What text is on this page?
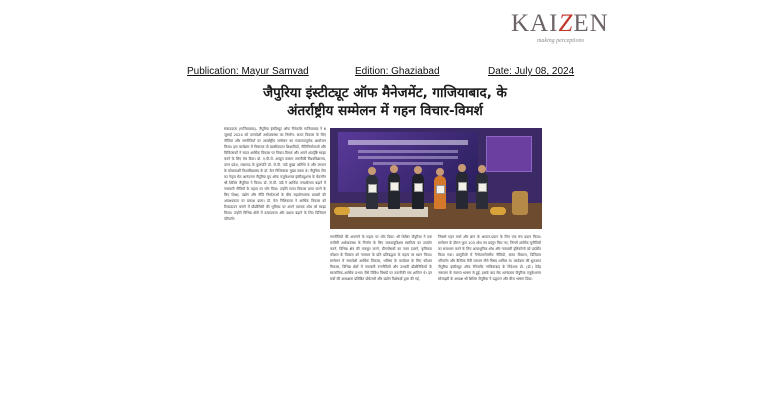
KAIZEN
making perceptions
Publication: Mayur Samvad	Edition: Ghaziabad	Date: July 08, 2024
जैपुरिया इंस्टीट्यूट ऑफ मैनेजमेंट, गाजियाबाद, के
अंतर्राष्ट्रीय सम्मेलन में गहन विचार-विमर्श
संवाददाता (गाजियाबाद)- जैपुरिया इंस्टीट्यूट ऑफ मैनेजमेंट गाजियाबाद ने 6 जुलाई 2024 को उत्तरदेशी अर्थव्यवस्था का निर्माण: सतत विकास के लिए नीतियां और रणनीतियाँ पर अंतर्राष्ट्रीय सम्मेलन का सफलतापूर्वक आयोजन किया। इस कार्यक्रम में विचारक वो खासीदादान शिक्षाविदों, नीतिनिर्माताओं और चिकित्सकों ने सतत आर्थिक विकास पर विचार-विमर्श और अपने अंतर्दृष्टि साझा करने के लिए मंच दिया। प्रो. ए.पी.जे. अब्दुल कलाम तकनीकी विश्वविद्यालय, उत्तर प्रदेश, लखनऊ के कुलपति डॉ. जे.पी. पांडे मुख्य अतिथि थे और जापान के कोबायाशी विश्वविद्यालय के डॉ. केन निशिकावा मुख्य वक्ता थे। जैपुरिया टीम का नेतृत्व सेठ आनंदराम जैपुरिया ग्रुप ऑफ एजुकेशनल इंस्टीट्यूशन्स के चेयरमैन श्री शिशिर जैपुरिया ने किया। डॉ. जे.पी. पांडे ने आर्थिक तन्यशीलता बढ़ाने में नवाचारी नीतियों के महत्व पर जोर दिया। उन्होंने सतत विकास प्राप्त करने के लिए शिक्षा, उद्योग और नीति निर्माताओं के बीच सहयोगात्मक प्रयासों की आवश्यकता पर प्रकाश डाला। डॉ. केन निशिकावा ने आर्थिक विकास को टिकाऊपन बनाने में प्रौद्योगिकी की भूमिका पर अपने व्यापक शोध को साझा किया। उन्होंने विभिन्न क्षेत्रों में उत्पादकता और दक्षता बढ़ाने के लिए डिजिटल परिवर्तन
रणनीतियों की अपनाने के महत्व पर जोर दिया। श्री शिशिर जैपुरिया ने एक लचीली अर्थव्यवस्था के निर्माण के लिए जलवायुविक्षम स्वामित्व का उपयोग करने, विभिन्न क्षेत्र की मजबूत करने, ग्रीनपोषकों का जाल डालने, कृत्रिमता कौशल के विकास को नवाचार के प्रति प्रतिबद्धता के महत्व पर ध्यान किया। सम्मेलन में समावेशी आर्थिक विकास, भविष्य के कार्यबल के लिए कौशल विकास, विभिन्न क्षेत्रों में नवाचारी रणनीतियों और उभरती प्रौद्योगिकियों के सामाजिक-आर्थिक प्रभाव जैसे विविध विषयों पर तकनीकी सत्र शामिल थे। इन सत्रों की अध्यक्षता प्रतिष्ठित प्रोफेसरों और उद्योग विशेषज्ञों द्वारा की गई,
जिससे गहन चर्चा और ज्ञान के आदान-प्रदान के लिए एक मंच प्रदान किया। सम्मेलन के दौरान कुल 103 शोध पत्र प्रस्तुत किए गए, जिनमें आर्थिक चुनौतियों का समाधान करने के लिए अत्याधुनिक शोध और नवाचारी दृष्टिकोणों को प्रदर्शित किया गया। प्रस्तुतियों में नैनोउत्तरोत्तरीय नीतियों, सतत विकास, डिजिटल परिवर्तन और वैश्विक मैत्री व्यापार जैसे विषय शामिल थे। कार्यक्रम की शुरुआत जैपुरिया इंस्टीट्यूट ऑफ मैनेजमेंट गाजियाबाद के निदेशक प्रो. (डॉ.) देवेंद्र नारायण के स्वागत भाषण से हुई, इसके बाद सेठ आनंदराम जैपुरिया एजुकेशनल सोसाइटी के अध्यक्ष श्री शिशिर जैपुरिया ने उद्घाटन और बीज भाषण दिया।
